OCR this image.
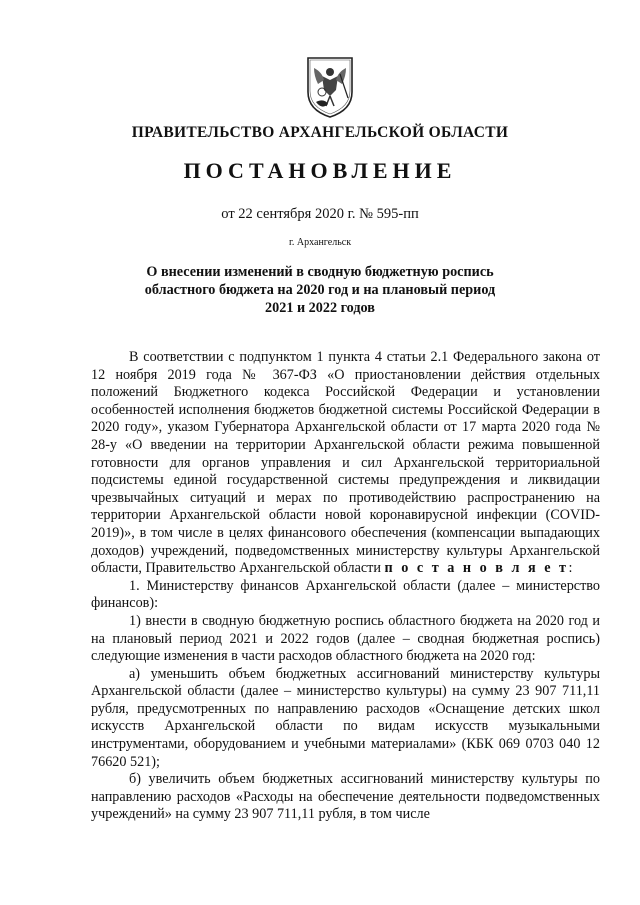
ПРАВИТЕЛЬСТВО АРХАНГЕЛЬСКОЙ ОБЛАСТИ
ПОСТАНОВЛЕНИЕ
от 22 сентября 2020 г. № 595-пп
г. Архангельск
О внесении изменений в сводную бюджетную роспись
областного бюджета на 2020 год и на плановый период
2021 и 2022 годов

В соответствии с подпунктом 1 пункта 4 статьи 2.1 Федерального закона от 12 ноября 2019 года № 367-ФЗ «О приостановлении действия отдельных положений Бюджетного кодекса Российской Федерации и установлении особенностей исполнения бюджетов бюджетной системы Российской Федерации в 2020 году», указом Губернатора Архангельской области от 17 марта 2020 года № 28-у «О введении на территории Архангельской области режима повышенной готовности для органов управления и сил Архангельской территориальной подсистемы единой государственной системы предупреждения и ликвидации чрезвычайных ситуаций и мерах по противодействию распространению на территории Архангельской области новой коронавирусной инфекции (COVID-2019)», в том числе в целях финансового обеспечения (компенсации выпадающих доходов) учреждений, подведомственных министерству культуры Архангельской области, Правительство Архангельской области п о с т а н о в л я е т:

1. Министерству финансов Архангельской области (далее – министерство финансов):

1) внести в сводную бюджетную роспись областного бюджета на 2020 год и на плановый период 2021 и 2022 годов (далее – сводная бюджетная роспись) следующие изменения в части расходов областного бюджета на 2020 год:

а) уменьшить объем бюджетных ассигнований министерству культуры Архангельской области (далее – министерство культуры) на сумму 23 907 711,11 рубля, предусмотренных по направлению расходов «Оснащение детских школ искусств Архангельской области по видам искусств музыкальными инструментами, оборудованием и учебными материалами» (КБК 069 0703 040 12 76620 521);

б) увеличить объем бюджетных ассигнований министерству культуры по направлению расходов «Расходы на обеспечение деятельности подведомственных учреждений» на сумму 23 907 711,11 рубля, в том числе
